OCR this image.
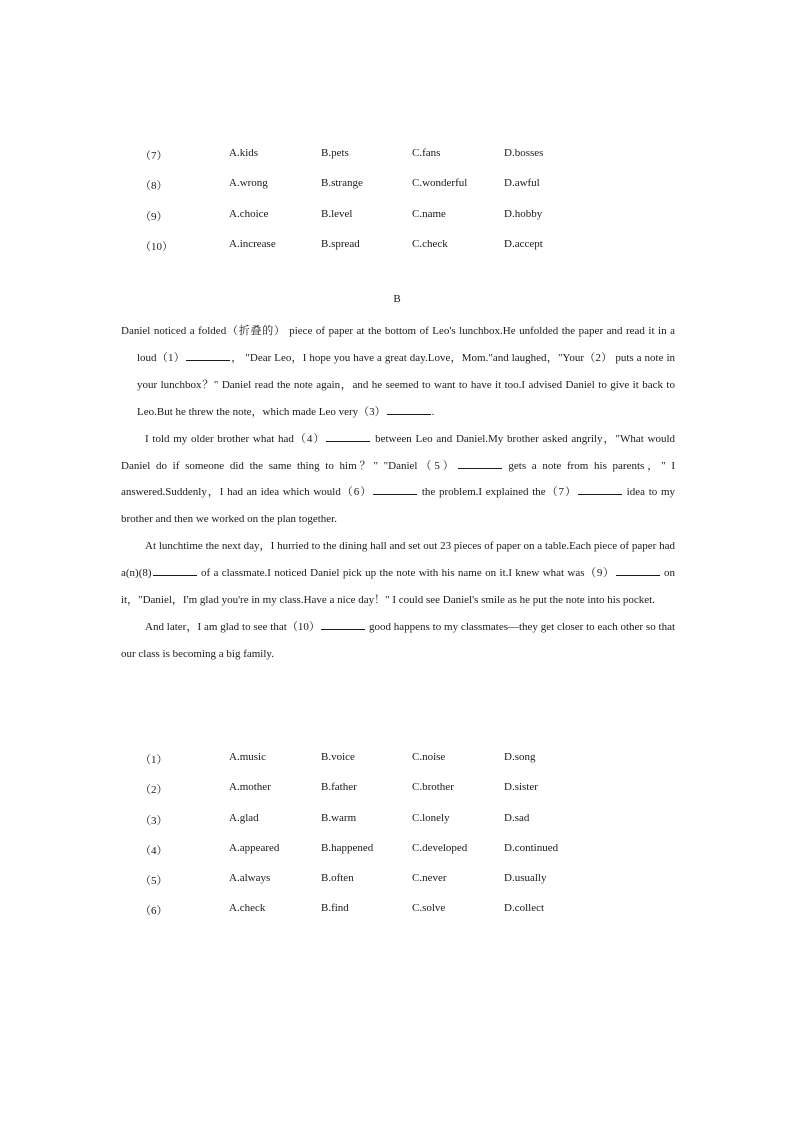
（7）	A.kids	B.pets	C.fans	D.bosses
（8）	A.wrong	B.strange	C.wonderful	D.awful
（9）	A.choice	B.level	C.name	D.hobby
（10）	A.increase	B.spread	C.check	D.accept
B

Daniel noticed a folded（折叠的） piece of paper at the bottom of Leo's lunchbox.He unfolded the paper and read it in a loud（1）	， "Dear Leo，I hope you have a great day.Love，Mom."and laughed，"Your（2） puts a note in your lunchbox？" Daniel read the note again，and he seemed to want to have it too.I advised Daniel to give it back to Leo.But he threw the note，which made Leo very（3）	.

I told my older brother what had（4）	between Leo and Daniel.My brother asked angrily，"What would Daniel do if someone did the same thing to him？" "Daniel（5）	gets a note from his parents，" I answered.Suddenly，I had an idea which would（6）	the problem.I explained the（7）	idea to my brother and then we worked on the plan together.

At lunchtime the next day，I hurried to the dining hall and set out 23 pieces of paper on a table.Each piece of paper had a(n)(8)	of a classmate.I noticed Daniel pick up the note with his name on it.I knew what was（9）	on it，"Daniel，I'm glad you're in my class.Have a nice day！" I could see Daniel's smile as he put the note into his pocket.

And later，I am glad to see that（10）	good happens to my classmates—they get closer to each other so that our class is becoming a big family.

（1）	A.music	B.voice	C.noise	D.song
（2）	A.mother	B.father	C.brother	D.sister
（3）	A.glad	B.warm	C.lonely	D.sad
（4）	A.appeared	B.happened	C.developed	D.continued
（5）	A.always	B.often	C.never	D.usually
（6）	A.check	B.find	C.solve	D.collect
